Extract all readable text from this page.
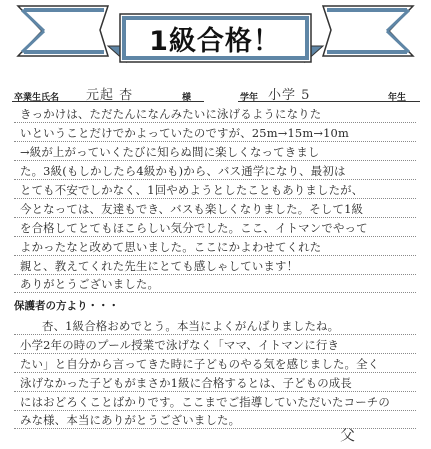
1級合格！
卒業生氏名 元起 杏	様	学年 小学 5	年生
きっかけは、ただたんになんみたいに泳げるようになりた
いということだけでかよっていたのですが、25m→15m→10m
→級が上がっていくたびに知らぬ間に楽しくなってきまし
た。3級(もしかしたら4級かも)から、バス通学になり、最初は
とても不安でしかなく、1回やめようとしたこともありましたが、
今となっては、友達もでき、バスも楽しくなりました。そして1級
を合格してとてもほこらしい気分でした。ここ、イトマンでやって
よかったなと改めて思いました。ここにかよわせてくれた
親と、教えてくれた先生にとても感しゃしています！
ありがとうございました。
保護者の方より・・・
杏、1級合格おめでとう。本当によくがんばりましたね。
小学2年の時のプール授業で泳げなく「ママ、イトマンに行き
たい」と自分から言ってきた時に子どものやる気を感じました。全く
泳げなかった子どもがまさか1級に合格するとは、子どもの成長
にはおどろくことばかりです。ここまでご指導していただいたコーチの
みな様、本当にありがとうございました。
父
